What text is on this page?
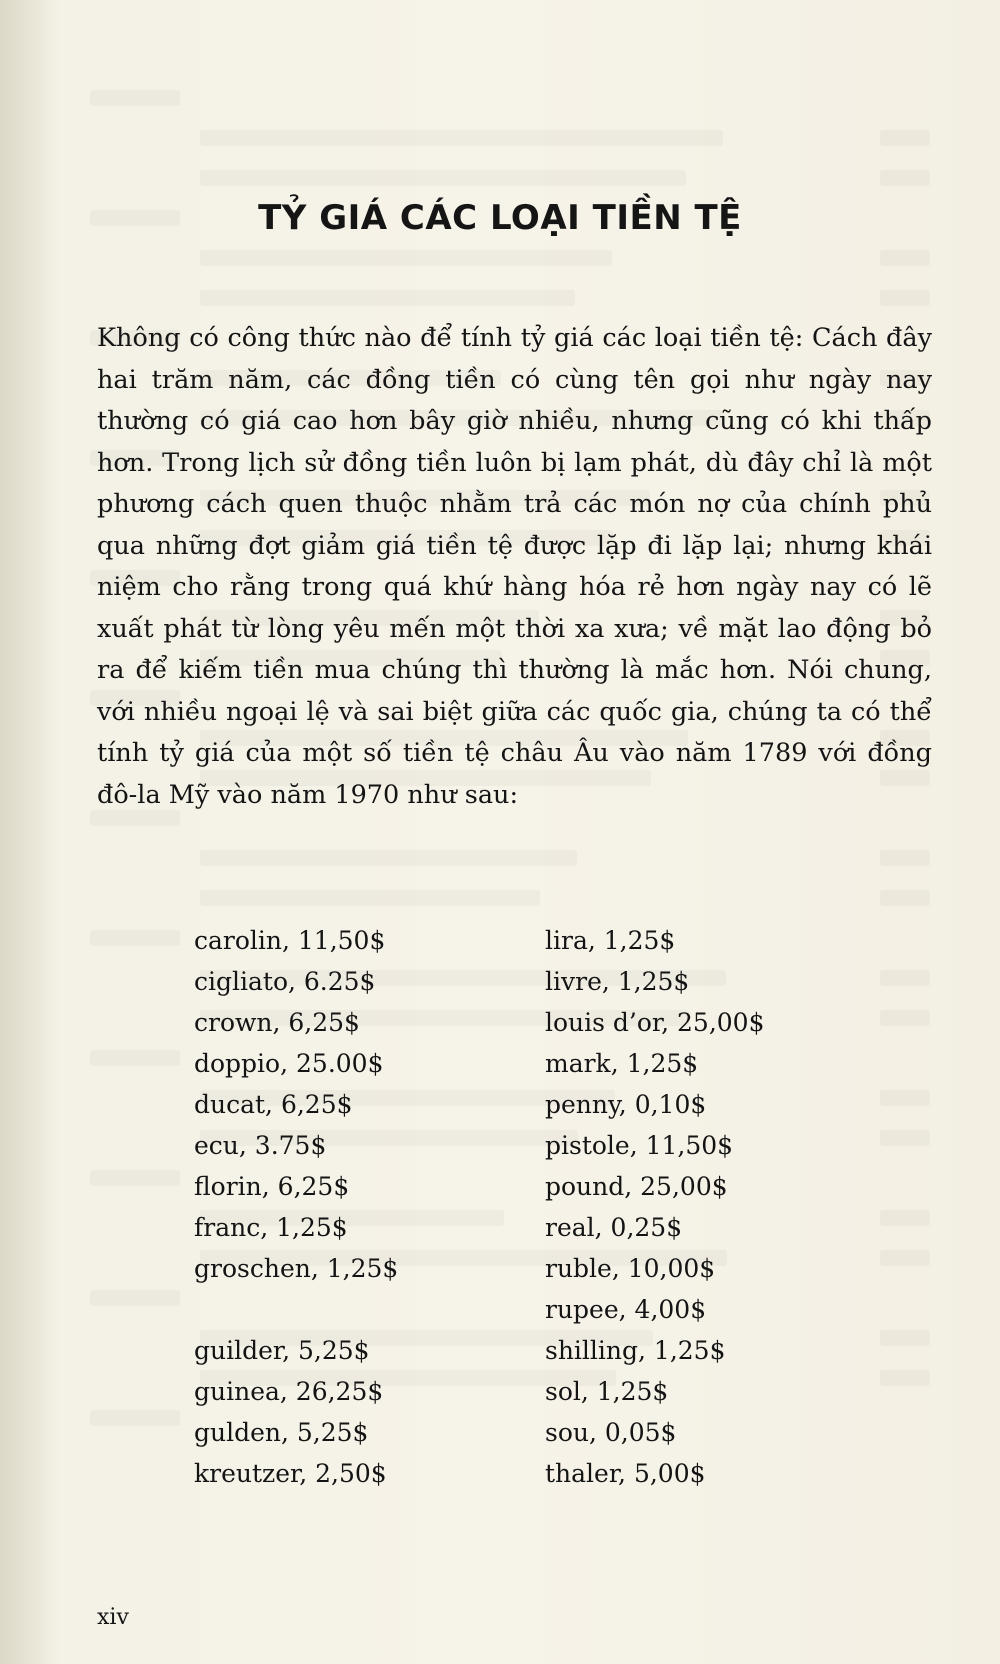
TỶ GIÁ CÁC LOẠI TIỀN TỆ

Không có công thức nào để tính tỷ giá các loại tiền tệ: Cách đây hai trăm năm, các đồng tiền có cùng tên gọi như ngày nay thường có giá cao hơn bây giờ nhiều, nhưng cũng có khi thấp hơn. Trong lịch sử đồng tiền luôn bị lạm phát, dù đây chỉ là một phương cách quen thuộc nhằm trả các món nợ của chính phủ qua những đợt giảm giá tiền tệ được lặp đi lặp lại; nhưng khái niệm cho rằng trong quá khứ hàng hóa rẻ hơn ngày nay có lẽ xuất phát từ lòng yêu mến một thời xa xưa; về mặt lao động bỏ ra để kiếm tiền mua chúng thì thường là mắc hơn. Nói chung, với nhiều ngoại lệ và sai biệt giữa các quốc gia, chúng ta có thể tính tỷ giá của một số tiền tệ châu Âu vào năm 1789 với đồng đô-la Mỹ vào năm 1970 như sau:

carolin, 11,50$
cigliato, 6.25$
crown, 6,25$
doppio, 25.00$
ducat, 6,25$
ecu, 3.75$
florin, 6,25$
franc, 1,25$
groschen, 1,25$
guilder, 5,25$
guinea, 26,25$
gulden, 5,25$
kreutzer, 2,50$
lira, 1,25$
livre, 1,25$
louis d’or, 25,00$
mark, 1,25$
penny, 0,10$
pistole, 11,50$
pound, 25,00$
real, 0,25$
ruble, 10,00$
rupee, 4,00$
shilling, 1,25$
sol, 1,25$
sou, 0,05$
thaler, 5,00$
xiv
